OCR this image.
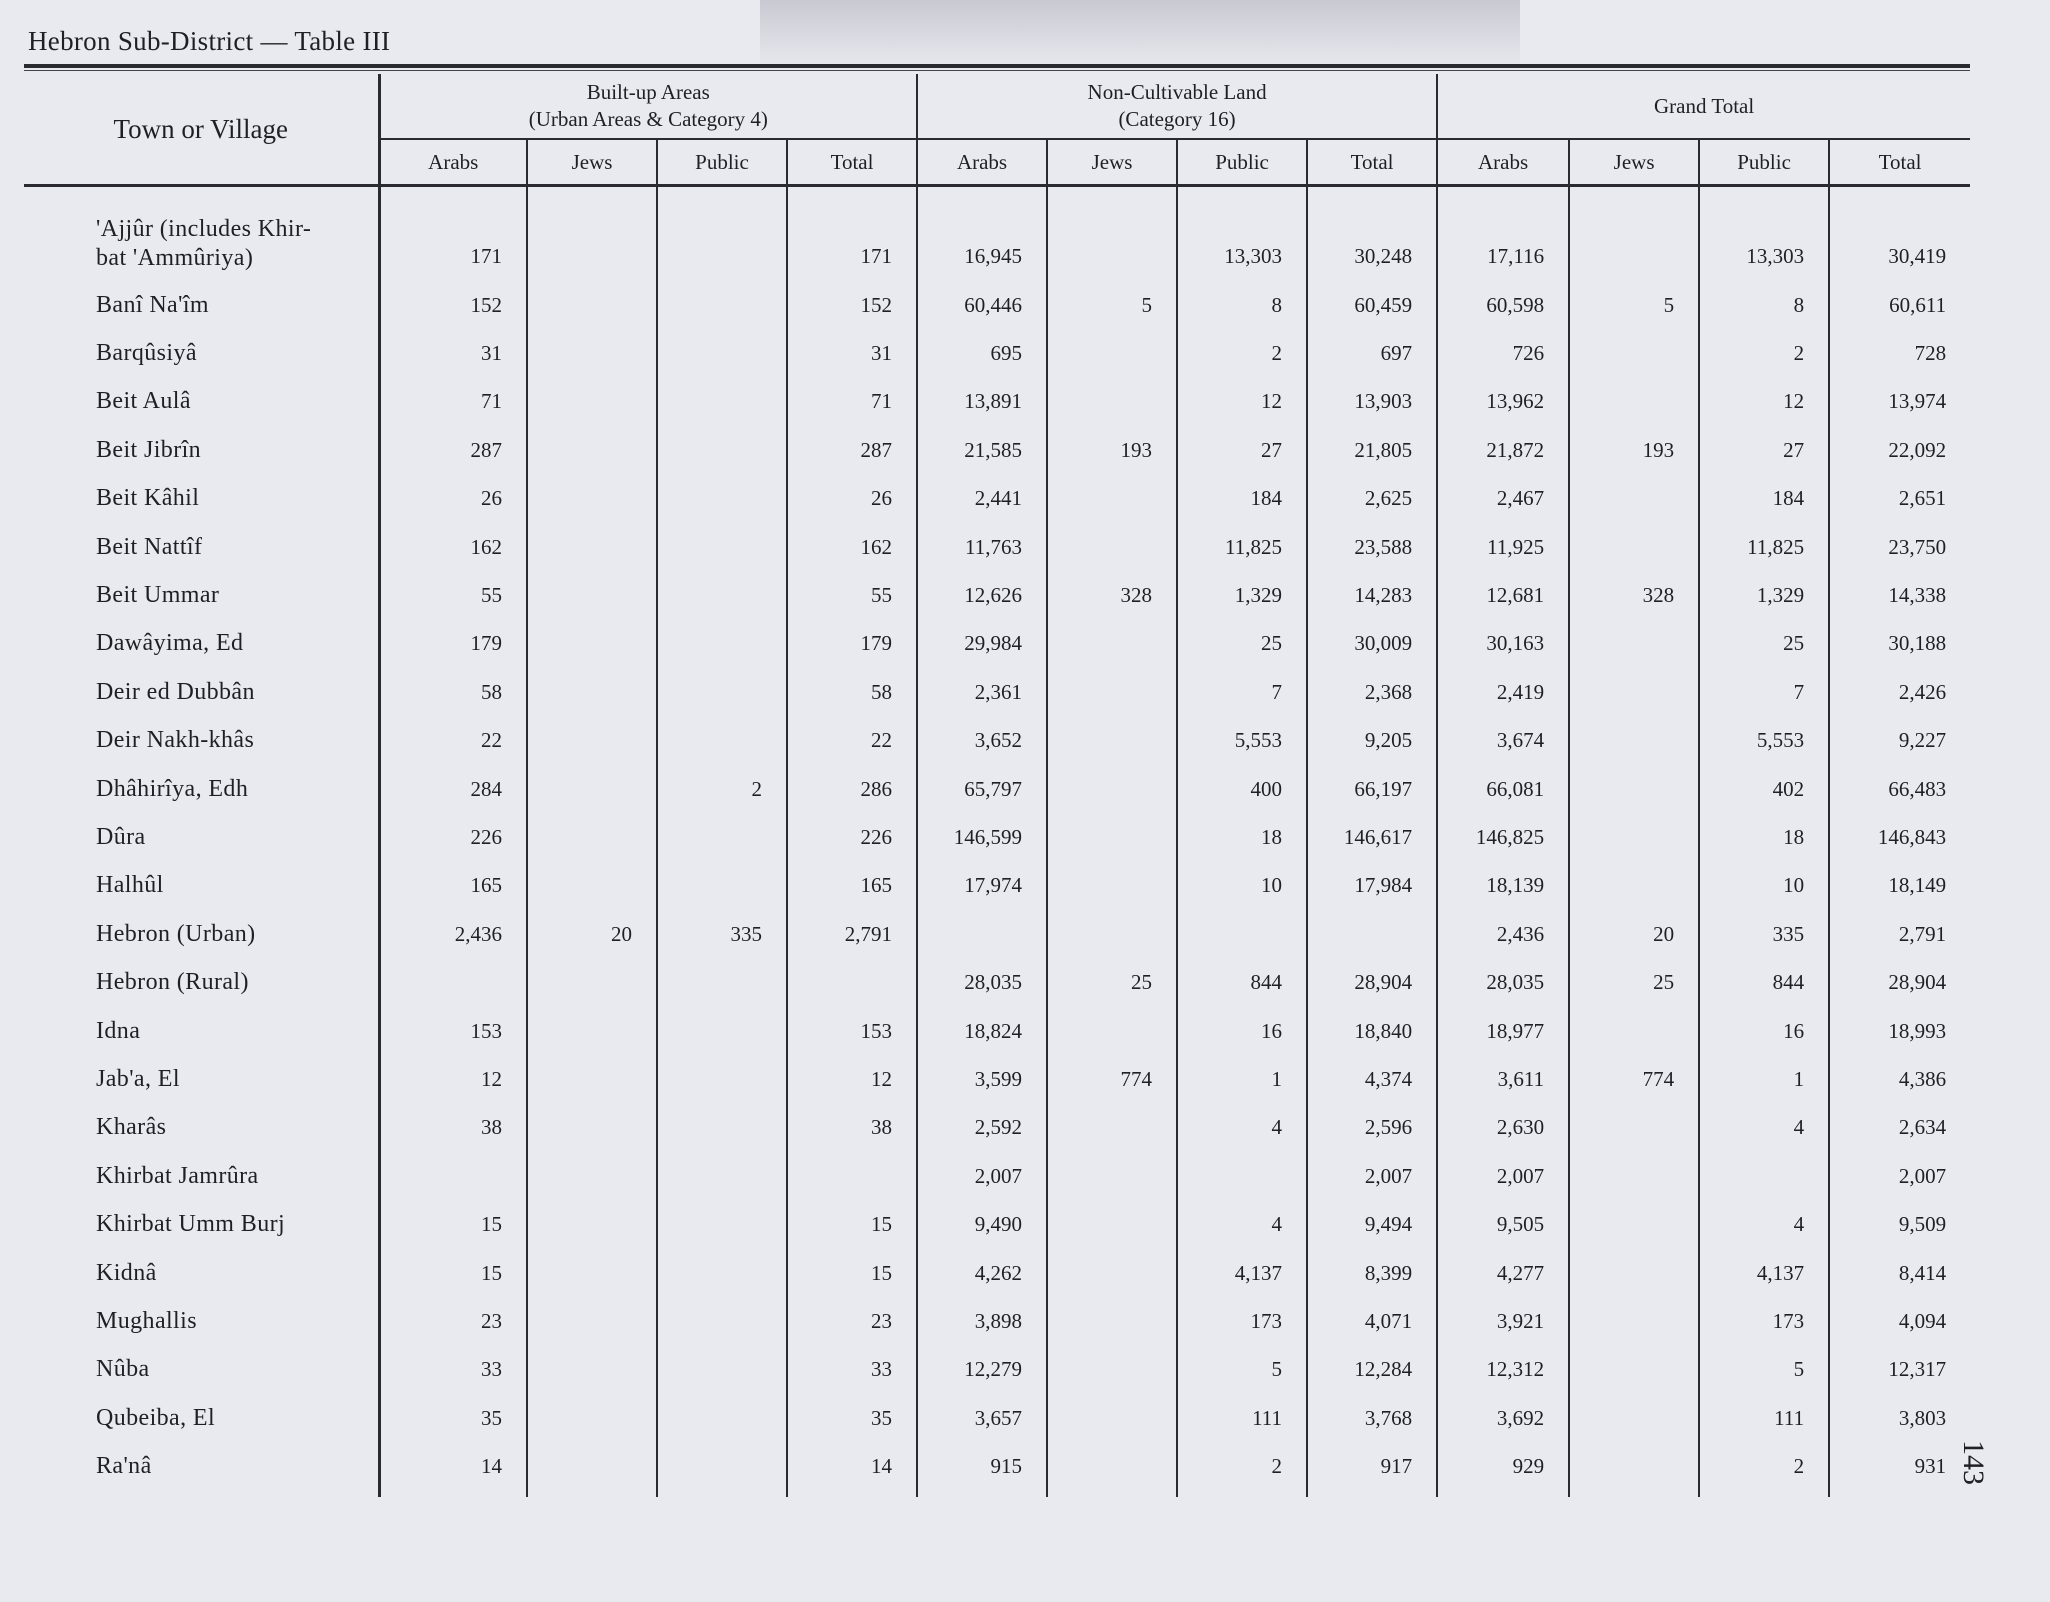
Hebron Sub-District — Table III
Town or Village	Built-up Areas
(Urban Areas & Category 4)				Non-Cultivable Land
(Category 16)				Grand Total			
	Arabs	Jews	Public	Total	Arabs	Jews	Public	Total	Arabs	Jews	Public	Total

'Ajjûr (includes Khir-
bat 'Ammûriya)	171			171	16,945		13,303	30,248	17,116		13,303	30,419
Banî Na'îm	152			152	60,446	5	8	60,459	60,598	5	8	60,611
Barqûsiyâ	31			31	695		2	697	726		2	728
Beit Aulâ	71			71	13,891		12	13,903	13,962		12	13,974
Beit Jibrîn	287			287	21,585	193	27	21,805	21,872	193	27	22,092
Beit Kâhil	26			26	2,441		184	2,625	2,467		184	2,651
Beit Nattîf	162			162	11,763		11,825	23,588	11,925		11,825	23,750
Beit Ummar	55			55	12,626	328	1,329	14,283	12,681	328	1,329	14,338
Dawâyima, Ed	179			179	29,984		25	30,009	30,163		25	30,188
Deir ed Dubbân	58			58	2,361		7	2,368	2,419		7	2,426
Deir Nakh-khâs	22			22	3,652		5,553	9,205	3,674		5,553	9,227
Dhâhirîya, Edh	284		2	286	65,797		400	66,197	66,081		402	66,483
Dûra	226			226	146,599		18	146,617	146,825		18	146,843
Halhûl	165			165	17,974		10	17,984	18,139		10	18,149
Hebron (Urban)	2,436	20	335	2,791					2,436	20	335	2,791
Hebron (Rural)					28,035	25	844	28,904	28,035	25	844	28,904
Idna	153			153	18,824		16	18,840	18,977		16	18,993
Jab'a, El	12			12	3,599	774	1	4,374	3,611	774	1	4,386
Kharâs	38			38	2,592		4	2,596	2,630		4	2,634
Khirbat Jamrûra					2,007			2,007	2,007			2,007
Khirbat Umm Burj	15			15	9,490		4	9,494	9,505		4	9,509
Kidnâ	15			15	4,262		4,137	8,399	4,277		4,137	8,414
Mughallis	23			23	3,898		173	4,071	3,921		173	4,094
Nûba	33			33	12,279		5	12,284	12,312		5	12,317
Qubeiba, El	35			35	3,657		111	3,768	3,692		111	3,803
Ra'nâ	14			14	915		2	917	929		2	931 143
